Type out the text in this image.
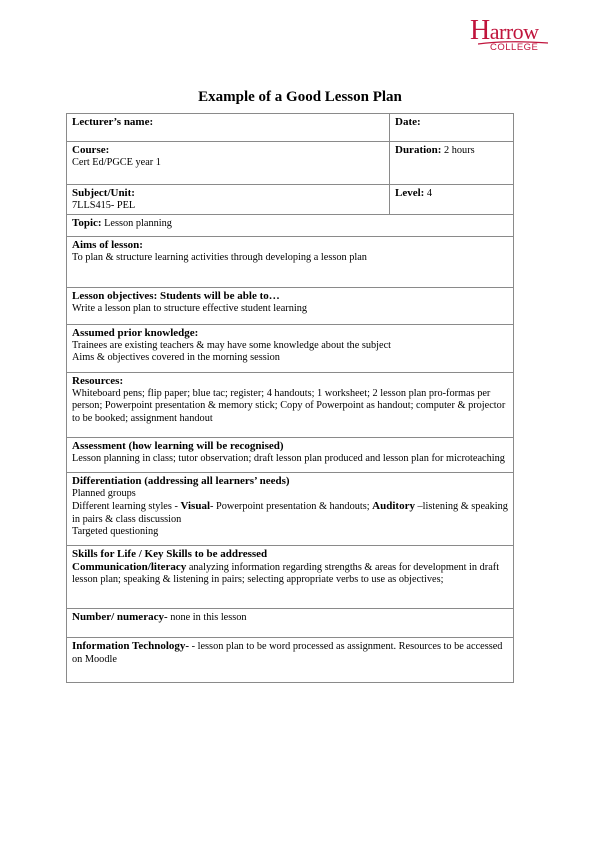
Harrow
COLLEGE
Example of a Good Lesson Plan
Lecturer’s name:	Date:

Course:
Cert Ed/PGCE year 1	Duration: 2 hours

Subject/Unit:
7LLS415- PEL	Level: 4
Topic: Lesson planning	

Aims of lesson:
To plan & structure learning activities through developing a lesson plan	

Lesson objectives: Students will be able to…
Write a lesson plan to structure effective student learning	

Assumed prior knowledge:
Trainees are existing teachers & may have some knowledge about the subject
Aims & objectives covered in the morning session	

Resources:
Whiteboard pens; flip paper; blue tac; register; 4 handouts; 1 worksheet; 2 lesson plan pro-formas per person; Powerpoint presentation & memory stick; Copy of Powerpoint as handout; computer & projector to be booked; assignment handout	

Assessment (how learning will be recognised)
Lesson planning in class; tutor observation; draft lesson plan produced and lesson plan for microteaching	

Differentiation (addressing all learners’ needs)
Planned groups
Different learning styles - Visual- Powerpoint presentation & handouts; Auditory –listening & speaking in pairs & class discussion
Targeted questioning	

Skills for Life / Key Skills to be addressed
Communication/literacy analyzing information regarding strengths & areas for development in draft lesson plan; speaking & listening in pairs; selecting appropriate verbs to use as objectives;	

Number/ numeracy- none in this lesson	
Information Technology- - lesson plan to be word processed as assignment. Resources to be accessed on Moodle	
